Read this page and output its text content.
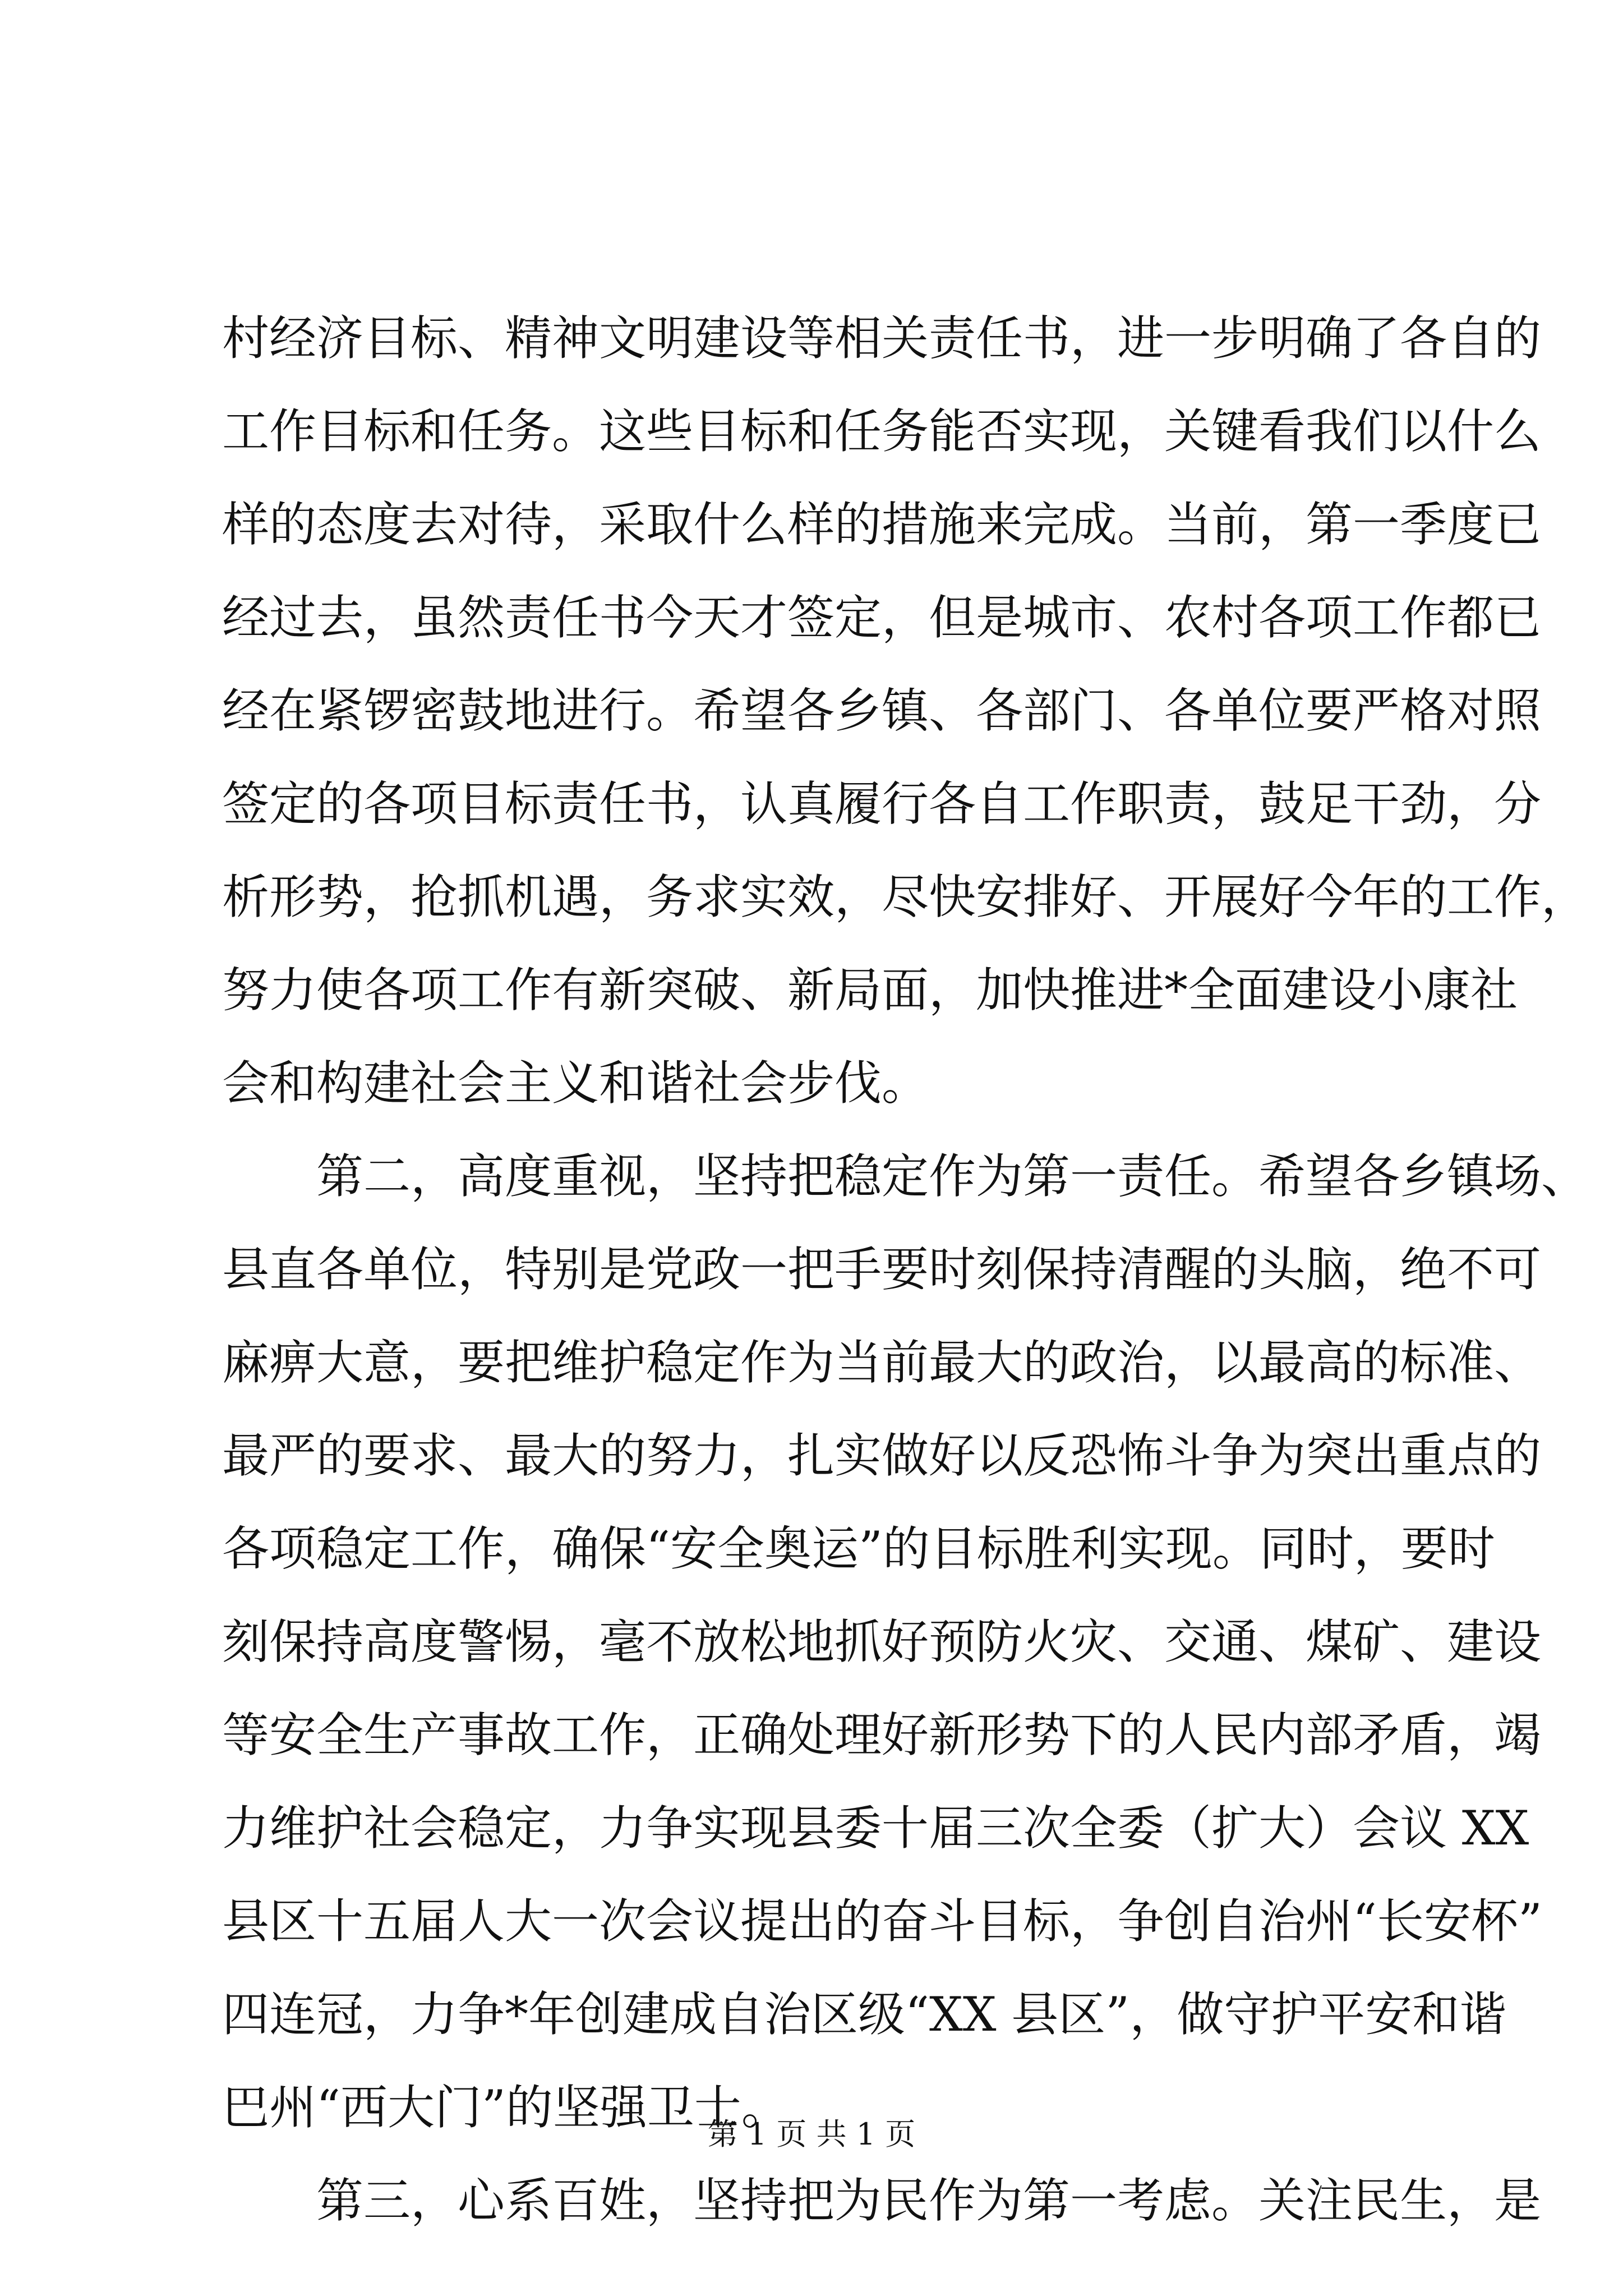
村经济目标、精神文明建设等相关责任书，进一步明确了各自的
工作目标和任务。这些目标和任务能否实现，关键看我们以什么
样的态度去对待，采取什么样的措施来完成。当前，第一季度已
经过去，虽然责任书今天才签定，但是城市、农村各项工作都已
经在紧锣密鼓地进行。希望各乡镇、各部门、各单位要严格对照
签定的各项目标责任书，认真履行各自工作职责，鼓足干劲，分
析形势，抢抓机遇，务求实效，尽快安排好、开展好今年的工作，
努力使各项工作有新突破、新局面，加快推进*全面建设小康社
会和构建社会主义和谐社会步伐。
　　第二，高度重视，坚持把稳定作为第一责任。希望各乡镇场、
县直各单位，特别是党政一把手要时刻保持清醒的头脑，绝不可
麻痹大意，要把维护稳定作为当前最大的政治，以最高的标准、
最严的要求、最大的努力，扎实做好以反恐怖斗争为突出重点的
各项稳定工作，确保“安全奥运”的目标胜利实现。同时，要时
刻保持高度警惕，毫不放松地抓好预防火灾、交通、煤矿、建设
等安全生产事故工作，正确处理好新形势下的人民内部矛盾，竭
力维护社会稳定，力争实现县委十届三次全委（扩大）会议 XX
县区十五届人大一次会议提出的奋斗目标，争创自治州“长安杯”
四连冠，力争*年创建成自治区级“XX 县区”，做守护平安和谐
巴州“西大门”的坚强卫士。
　　第三，心系百姓，坚持把为民作为第一考虑。关注民生，是
第 1 页 共 1 页
